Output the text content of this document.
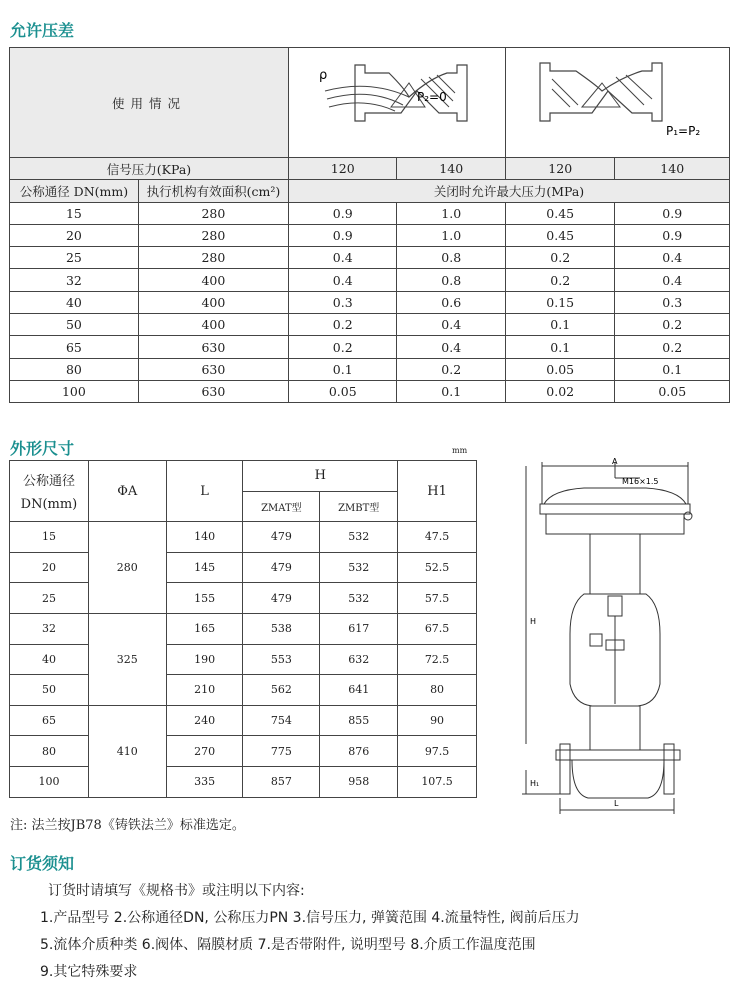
允许压差
使用情况		ρ
P₂=0		P₁=P₂	

信号压力(KPa)		120	140	120	140
公称通径 DN(mm)	执行机构有效面积(cm²)	关闭时允许最大压力(MPa)			
15	280	0.9	1.0	0.45	0.9
20	280	0.9	1.0	0.45	0.9
25	280	0.4	0.8	0.2	0.4
32	400	0.4	0.8	0.2	0.4
40	400	0.3	0.6	0.15	0.3
50	400	0.2	0.4	0.1	0.2
65	630	0.2	0.4	0.1	0.2
80	630	0.1	0.2	0.05	0.1
100	630	0.05	0.1	0.02	0.05
外形尺寸	mm
公称通径
DN(mm)	ΦA	L	H		H1
			ZMAT型	ZMBT型	
15	280	140	479	532	47.5
20		145	479	532	52.5
25		155	479	532	57.5
32	325	165	538	617	67.5
40		190	553	632	72.5
50		210	562	641	80
65	410	240	754	855	90
80		270	775	876	97.5
100		335	857	958	107.5
A
M16×1.5
H
H₁
L
注: 法兰按JB78《铸铁法兰》标准选定。
订货须知
订货时请填写《规格书》或注明以下内容:
1.产品型号 2.公称通径DN, 公称压力PN 3.信号压力, 弹簧范围 4.流量特性, 阀前后压力
5.流体介质种类 6.阀体、隔膜材质 7.是否带附件, 说明型号 8.介质工作温度范围
9.其它特殊要求
